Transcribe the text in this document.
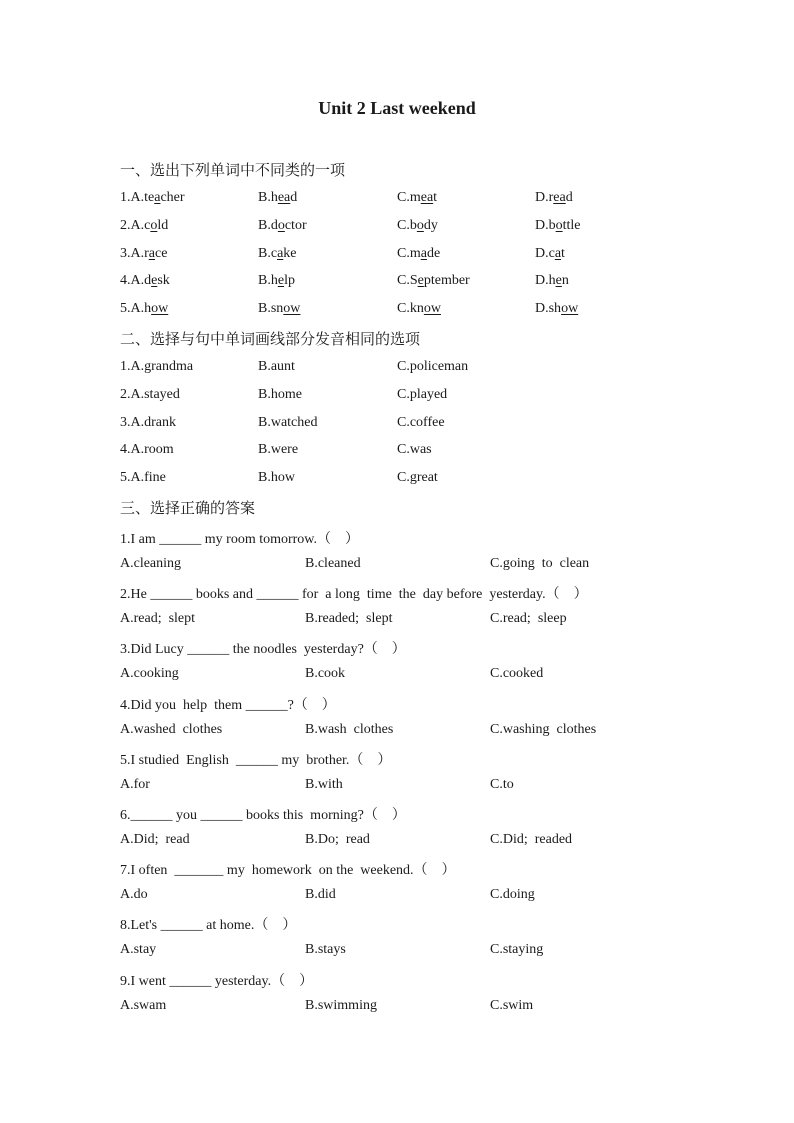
Unit 2 Last weekend
一、选出下列单词中不同类的一项
1.A.teacher	B.head	C.meat	D.read
2.A.cold	B.doctor	C.body	D.bottle
3.A.race	B.cake	C.made	D.cat
4.A.desk	B.help	C.September	D.hen
5.A.how	B.snow	C.know	D.show
二、选择与句中单词画线部分发音相同的选项
1.A.grandma	B.aunt	C.policeman
2.A.stayed	B.home	C.played
3.A.drank	B.watched	C.coffee
4.A.room	B.were	C.was
5.A.fine	B.how	C.great
三、选择正确的答案
1.I am ______ my room tomorrow.（    ）
A.cleaning	B.cleaned	C.going  to  clean
2.He ______ books and ______ for  a long  time  the  day before  yesterday.（    ）
A.read;  slept	B.readed;  slept	C.read;  sleep
3.Did Lucy ______ the noodles  yesterday?（    ）
A.cooking	B.cook	C.cooked
4.Did you  help  them ______?（    ）
A.washed  clothes	B.wash  clothes	C.washing  clothes
5.I studied  English  ______ my  brother.（    ）
A.for	B.with	C.to
6.______ you ______ books this  morning?（    ）
A.Did;  read	B.Do;  read	C.Did;  readed
7.I often  _______ my  homework  on the  weekend.（    ）
A.do	B.did	C.doing
8.Let's ______ at home.（    ）
A.stay	B.stays	C.staying
9.I went ______ yesterday.（    ）
A.swam	B.swimming	C.swim
